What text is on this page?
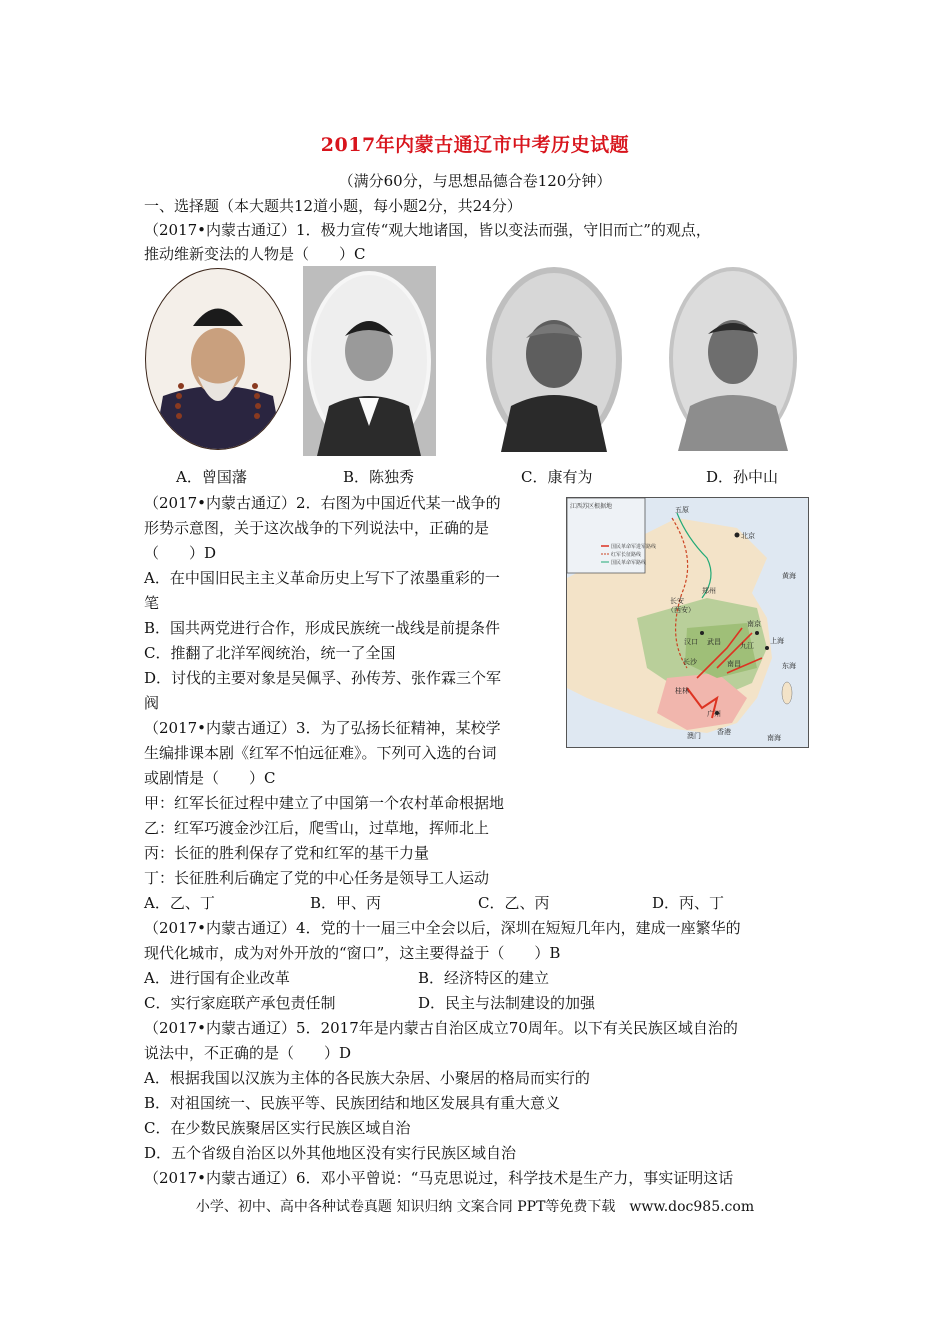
2017年内蒙古通辽市中考历史试题
（满分60分，与思想品德合卷120分钟）
一、选择题（本大题共12道小题，每小题2分，共24分）
（2017•内蒙古通辽）1．极力宣传“观大地诸国，皆以变法而强，守旧而亡”的观点，
推动维新变法的人物是（　　）C
A．曾国藩	B．陈独秀	C．康有为	D．孙中山
（2017•内蒙古通辽）2．右图为中国近代某一战争的
形势示意图，关于这次战争的下列说法中，正确的是
（　　）D
A．在中国旧民主主义革命历史上写下了浓墨重彩的一
笔
B．国共两党进行合作，形成民族统一战线是前提条件
C．推翻了北洋军阀统治，统一了全国
D．讨伐的主要对象是吴佩孚、孙传芳、张作霖三个军
阀
江西苏区根据地
国民革命军进军路线
红军长征路线
国民革命军路线
北京
五原
长安
（西安）
郑州
南京
上海
汉口 武昌	九江
长沙	南昌
桂林
广州
香港
澳门
黄海
东海
南海
（2017•内蒙古通辽）3．为了弘扬长征精神，某校学
生编排课本剧《红军不怕远征难》。下列可入选的台词
或剧情是（　　）C
甲：红军长征过程中建立了中国第一个农村革命根据地
乙：红军巧渡金沙江后，爬雪山，过草地，挥师北上
丙：长征的胜利保存了党和红军的基干力量
丁：长征胜利后确定了党的中心任务是领导工人运动
A．乙、丁	B．甲、丙	C．乙、丙	D．丙、丁
（2017•内蒙古通辽）4．党的十一届三中全会以后，深圳在短短几年内，建成一座繁华的
现代化城市，成为对外开放的“窗口”，这主要得益于（　　）B
A．进行国有企业改革	B．经济特区的建立
C．实行家庭联产承包责任制	D．民主与法制建设的加强
（2017•内蒙古通辽）5．2017年是内蒙古自治区成立70周年。以下有关民族区域自治的
说法中，不正确的是（　　）D
A．根据我国以汉族为主体的各民族大杂居、小聚居的格局而实行的
B．对祖国统一、民族平等、民族团结和地区发展具有重大意义
C．在少数民族聚居区实行民族区域自治
D．五个省级自治区以外其他地区没有实行民族区域自治
（2017•内蒙古通辽）6．邓小平曾说：“马克思说过，科学技术是生产力，事实证明这话
小学、初中、高中各种试卷真题 知识归纳 文案合同 PPT等免费下载　www.doc985.com
